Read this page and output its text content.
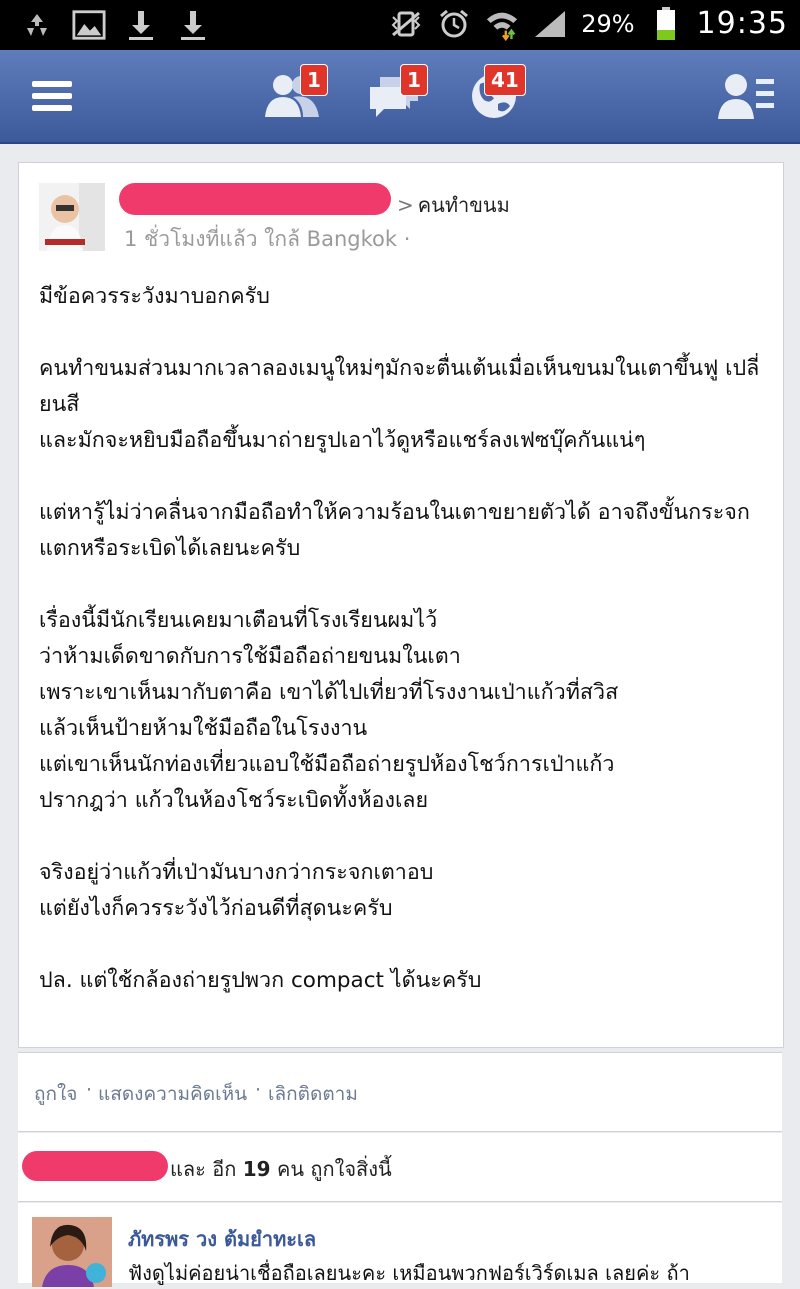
29% 19:35
1	1	41
> คนทำขนม
1 ชั่วโมงที่แล้ว ใกล้ Bangkok ·

มีข้อควรระวังมาบอกครับ

คนทำขนมส่วนมากเวลาลองเมนูใหม่ๆมักจะตื่นเต้นเมื่อเห็นขนมในเตาขึ้นฟู เปลี่

ยนสี

และมักจะหยิบมือถือขึ้นมาถ่ายรูปเอาไว้ดูหรือแชร์ลงเฟซบุ๊คกันแน่ๆ

แต่หารู้ไม่ว่าคลื่นจากมือถือทำให้ความร้อนในเตาขยายตัวได้ อาจถึงขั้นกระจก

แตกหรือระเบิดได้เลยนะครับ

เรื่องนี้มีนักเรียนเคยมาเตือนที่โรงเรียนผมไว้

ว่าห้ามเด็ดขาดกับการใช้มือถือถ่ายขนมในเตา

เพราะเขาเห็นมากับตาคือ เขาได้ไปเที่ยวที่โรงงานเป่าแก้วที่สวิส

แล้วเห็นป้ายห้ามใช้มือถือในโรงงาน

แต่เขาเห็นนักท่องเที่ยวแอบใช้มือถือถ่ายรูปห้องโชว์การเป่าแก้ว

ปรากฎว่า แก้วในห้องโชว์ระเบิดทั้งห้องเลย

จริงอยู่ว่าแก้วที่เป่ามันบางกว่ากระจกเตาอบ

แต่ยังไงก็ควรระวังไว้ก่อนดีที่สุดนะครับ

ปล. แต่ใช้กล้องถ่ายรูปพวก compact ได้นะครับ

ถูกใจ · แสดงความคิดเห็น · เลิกติดตาม
และ อีก 19 คน ถูกใจสิ่งนี้
ภัทรพร วง ต้มยำทะเล
ฟังดูไม่ค่อยน่าเชื่อถือเลยนะคะ เหมือนพวกฟอร์เวิร์ดเมล เลยค่ะ ถ้า
